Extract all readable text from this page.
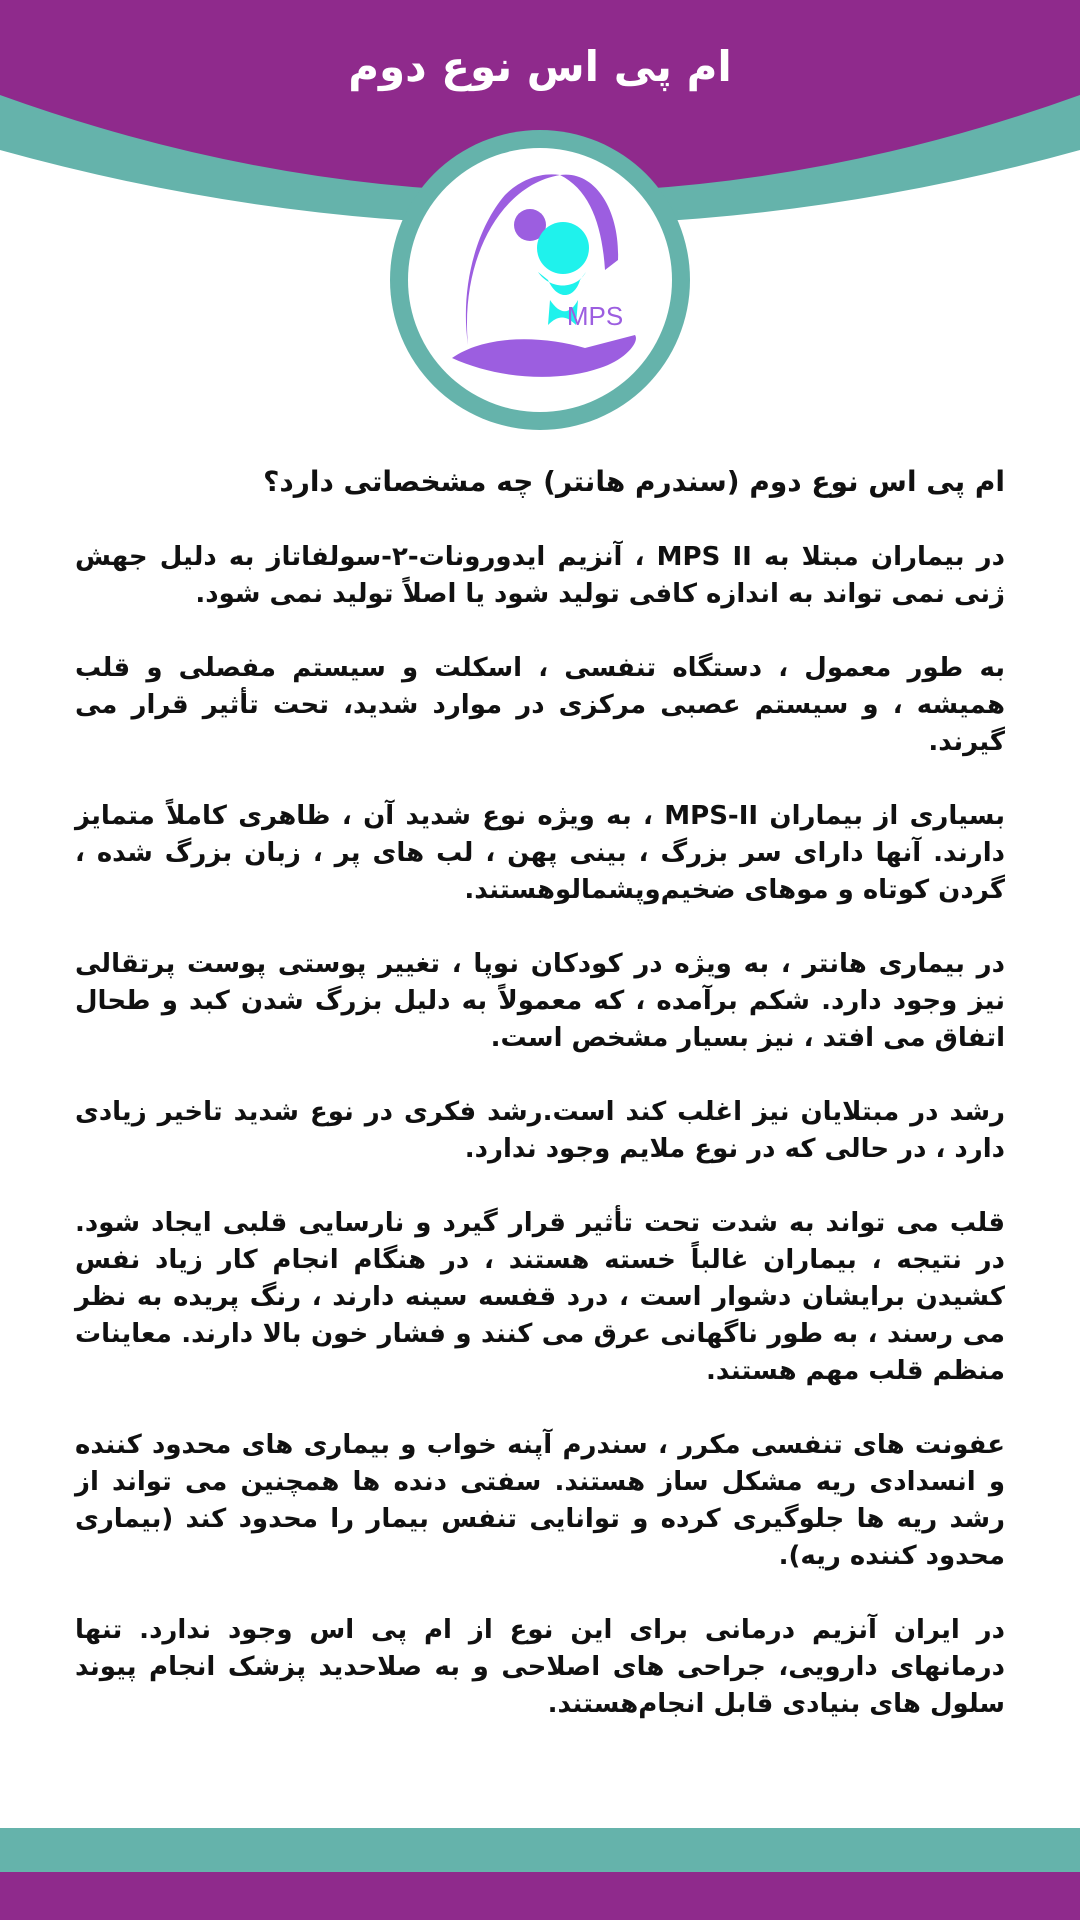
ام پی اس نوع دوم
MPS
ام پی اس نوع دوم (سندرم هانتر) چه مشخصاتی دارد؟

در بیماران مبتلا به MPS II ، آنزیم ایدورونات-۲-سولفاتاز به دلیل جهش ژنی نمی تواند به اندازه کافی تولید شود یا اصلاً تولید نمی شود.

به طور معمول ، دستگاه تنفسی ، اسکلت و سیستم مفصلی و قلب همیشه ، و سیستم عصبی مرکزی در موارد شدید، تحت تأثیر قرار می گیرند.

بسیاری از بیماران MPS-II ، به ویژه نوع شدید آن ، ظاهری کاملاً متمایز دارند. آنها دارای سر بزرگ ، بینی پهن ، لب های پر ، زبان بزرگ شده ، گردن کوتاه و موهای ضخیم‌وپشمالوهستند.

در بیماری هانتر ، به ویژه در کودکان نوپا ، تغییر پوستی پوست پرتقالی نیز وجود دارد. شکم برآمده ، که معمولاً به دلیل بزرگ شدن کبد و طحال اتفاق می افتد ، نیز بسیار مشخص است.

رشد در مبتلایان نیز اغلب کند است.رشد فکری در نوع شدید تاخیر زیادی دارد ، در حالی که در نوع ملایم وجود ندارد.

قلب می تواند به شدت تحت تأثیر قرار گیرد و نارسایی قلبی ایجاد شود. در نتیجه ، بیماران غالباً خسته هستند ، در هنگام انجام کار زیاد نفس کشیدن برایشان دشوار است ، درد قفسه سینه دارند ، رنگ پریده به نظر می رسند ، به طور ناگهانی عرق می کنند و فشار خون بالا دارند. معاینات منظم قلب مهم هستند.

عفونت های تنفسی مکرر ، سندرم آپنه خواب و بیماری های محدود کننده و انسدادی ریه مشکل ساز هستند. سفتی دنده ها همچنین می تواند از رشد ریه ها جلوگیری کرده و توانایی تنفس بیمار را محدود کند (بیماری محدود کننده ریه).

در ایران آنزیم درمانی برای این نوع از ام پی اس وجود ندارد. تنها درمانهای دارویی، جراحی های اصلاحی و به صلاحدید پزشک انجام پیوند سلول های بنیادی قابل انجام‌هستند.
